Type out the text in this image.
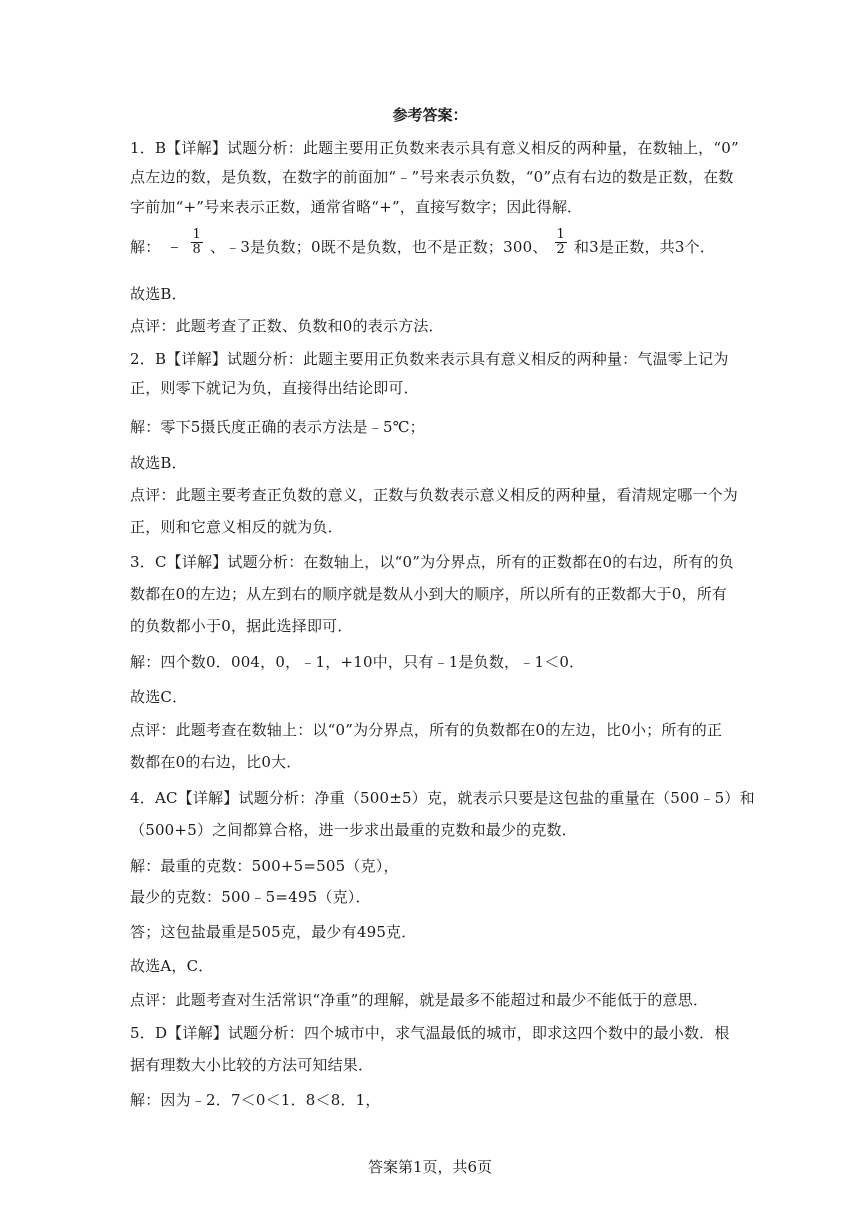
参考答案：
1．B【详解】试题分析：此题主要用正负数来表示具有意义相反的两种量，在数轴上，“0”
点左边的数，是负数，在数字的前面加“﹣”号来表示负数，“0”点有右边的数是正数，在数
字前加“+”号来表示正数，通常省略“+”，直接写数字；因此得解．
解： ﹣ $\frac{1}{8}$ 、﹣3是负数；0既不是负数，也不是正数；300、 $\frac{1}{2}$ 和3是正数，共3个．
故选B．
点评：此题考查了正数、负数和0的表示方法．
2．B【详解】试题分析：此题主要用正负数来表示具有意义相反的两种量：气温零上记为
正，则零下就记为负，直接得出结论即可．
解：零下5摄氏度正确的表示方法是﹣5℃；
故选B．
点评：此题主要考查正负数的意义，正数与负数表示意义相反的两种量，看清规定哪一个为
正，则和它意义相反的就为负．
3．C【详解】试题分析：在数轴上，以“0”为分界点，所有的正数都在0的右边，所有的负
数都在0的左边；从左到右的顺序就是数从小到大的顺序，所以所有的正数都大于0，所有
的负数都小于0，据此选择即可．
解：四个数0．004，0，﹣1，+10中，只有﹣1是负数，﹣1＜0．
故选C．
点评：此题考查在数轴上：以“0”为分界点，所有的负数都在0的左边，比0小；所有的正
数都在0的右边，比0大．
4．AC【详解】试题分析：净重（500±5）克，就表示只要是这包盐的重量在（500﹣5）和
（500+5）之间都算合格，进一步求出最重的克数和最少的克数．
解：最重的克数：500+5=505（克），
最少的克数：500﹣5=495（克）．
答；这包盐最重是505克，最少有495克．
故选A，C．
点评：此题考查对生活常识“净重”的理解，就是最多不能超过和最少不能低于的意思．
5．D【详解】试题分析：四个城市中，求气温最低的城市，即求这四个数中的最小数．根
据有理数大小比较的方法可知结果．
解：因为﹣2．7＜0＜1．8＜8．1，
答案第1页，共6页
